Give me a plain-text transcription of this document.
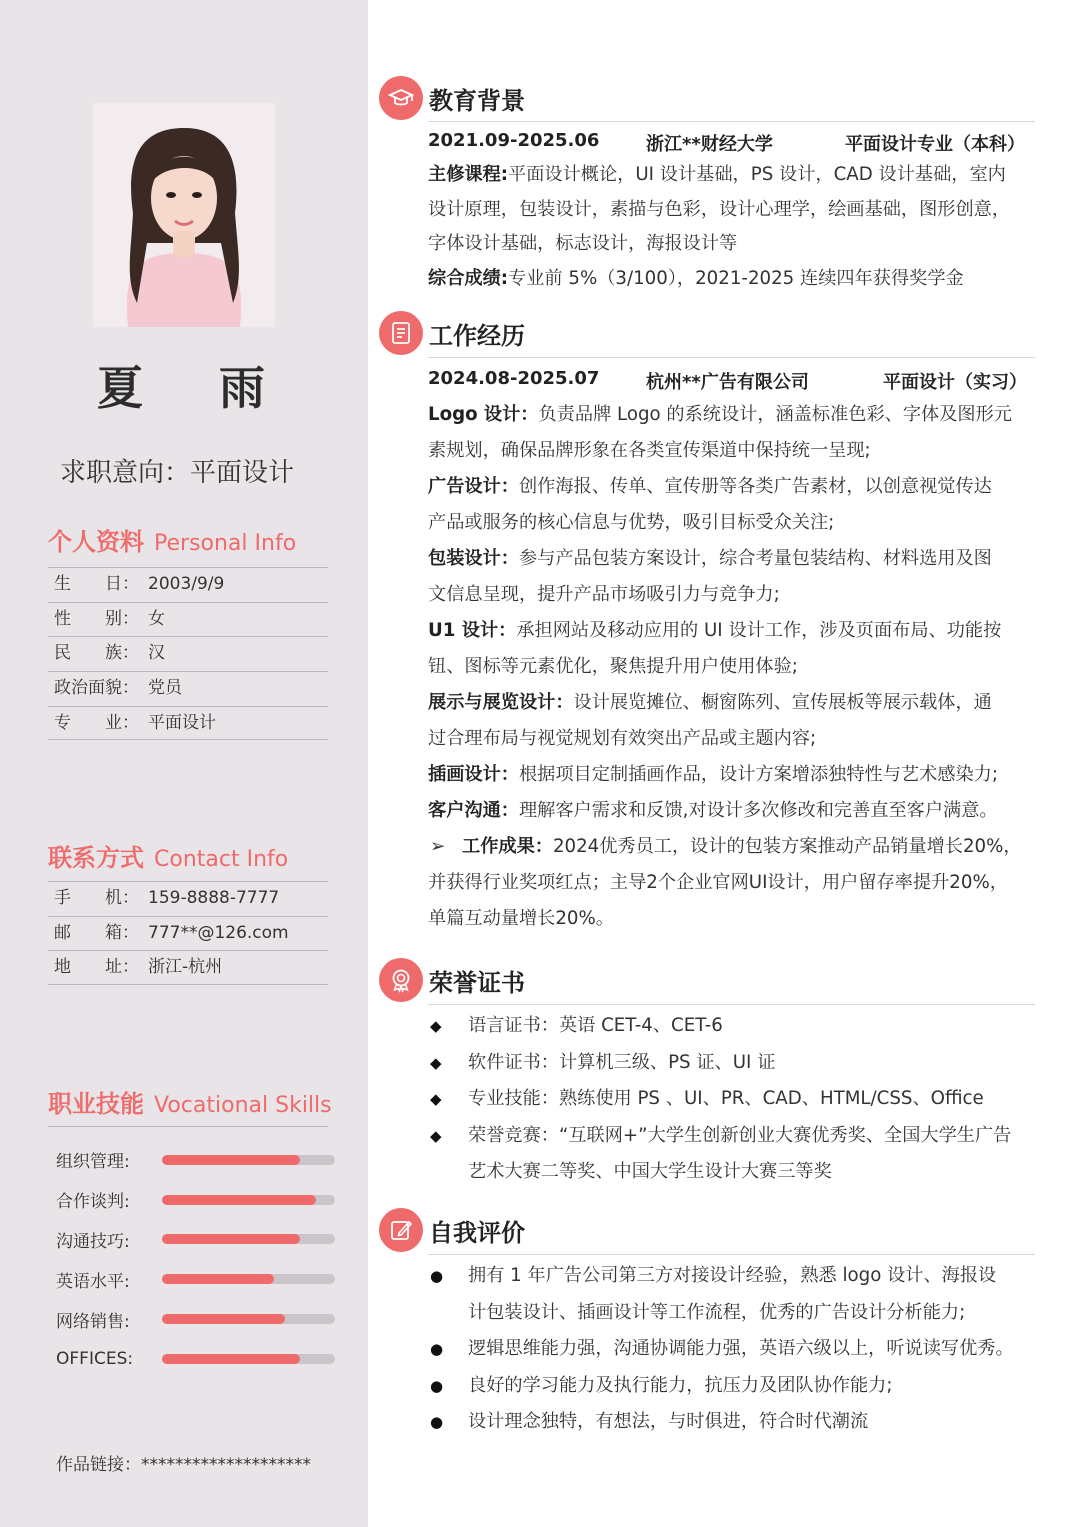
夏 雨
求职意向：平面设计
个人资料 Personal Info
生　　日： 2003/9/9
性　　别： 女
民　　族： 汉
政治面貌： 党员
专　　业： 平面设计
联系方式 Contact Info
手　　机： 159-8888-7777
邮　　箱： 777**@126.com
地　　址： 浙江-杭州
职业技能 Vocational Skills
组织管理:
合作谈判:
沟通技巧:
英语水平:
网络销售:
OFFICES:
作品链接：********************
教育背景
2021.09-2025.06	浙江**财经大学	平面设计专业（本科）

主修课程:平面设计概论，UI 设计基础，PS 设计，CAD 设计基础，室内

设计原理，包装设计，素描与色彩，设计心理学，绘画基础，图形创意，

字体设计基础，标志设计，海报设计等

综合成绩:专业前 5%（3/100），2021-2025 连续四年获得奖学金

工作经历
2024.08-2025.07	杭州**广告有限公司	平面设计（实习）

Logo 设计：负责品牌 Logo 的系统设计，涵盖标准色彩、字体及图形元

素规划，确保品牌形象在各类宣传渠道中保持统一呈现;

广告设计：创作海报、传单、宣传册等各类广告素材，以创意视觉传达

产品或服务的核心信息与优势，吸引目标受众关注;

包装设计：参与产品包装方案设计，综合考量包装结构、材料选用及图

文信息呈现，提升产品市场吸引力与竞争力;

U1 设计：承担网站及移动应用的 UI 设计工作，涉及页面布局、功能按

钮、图标等元素优化，聚焦提升用户使用体验;

展示与展览设计：设计展览摊位、橱窗陈列、宣传展板等展示载体，通

过合理布局与视觉规划有效突出产品或主题内容;

插画设计：根据项目定制插画作品，设计方案增添独特性与艺术感染力;

客户沟通：理解客户需求和反馈,对设计多次修改和完善直至客户满意。

➢ 工作成果：2024优秀员工，设计的包装方案推动产品销量增长20%，

并获得行业奖项红点；主导2个企业官网UI设计，用户留存率提升20%，

单篇互动量增长20%。

荣誉证书
◆ 语言证书：英语 CET-4、CET-6
◆ 软件证书：计算机三级、PS 证、UI 证
◆ 专业技能：熟练使用 PS 、UI、PR、CAD、HTML/CSS、Office
◆ 荣誉竞赛：“互联网+”大学生创新创业大赛优秀奖、全国大学生广告
艺术大赛二等奖、中国大学生设计大赛三等奖
自我评价
● 拥有 1 年广告公司第三方对接设计经验，熟悉 logo 设计、海报设
计包装设计、插画设计等工作流程，优秀的广告设计分析能力;
● 逻辑思维能力强，沟通协调能力强，英语六级以上，听说读写优秀。
● 良好的学习能力及执行能力，抗压力及团队协作能力;
● 设计理念独特，有想法，与时俱进，符合时代潮流
